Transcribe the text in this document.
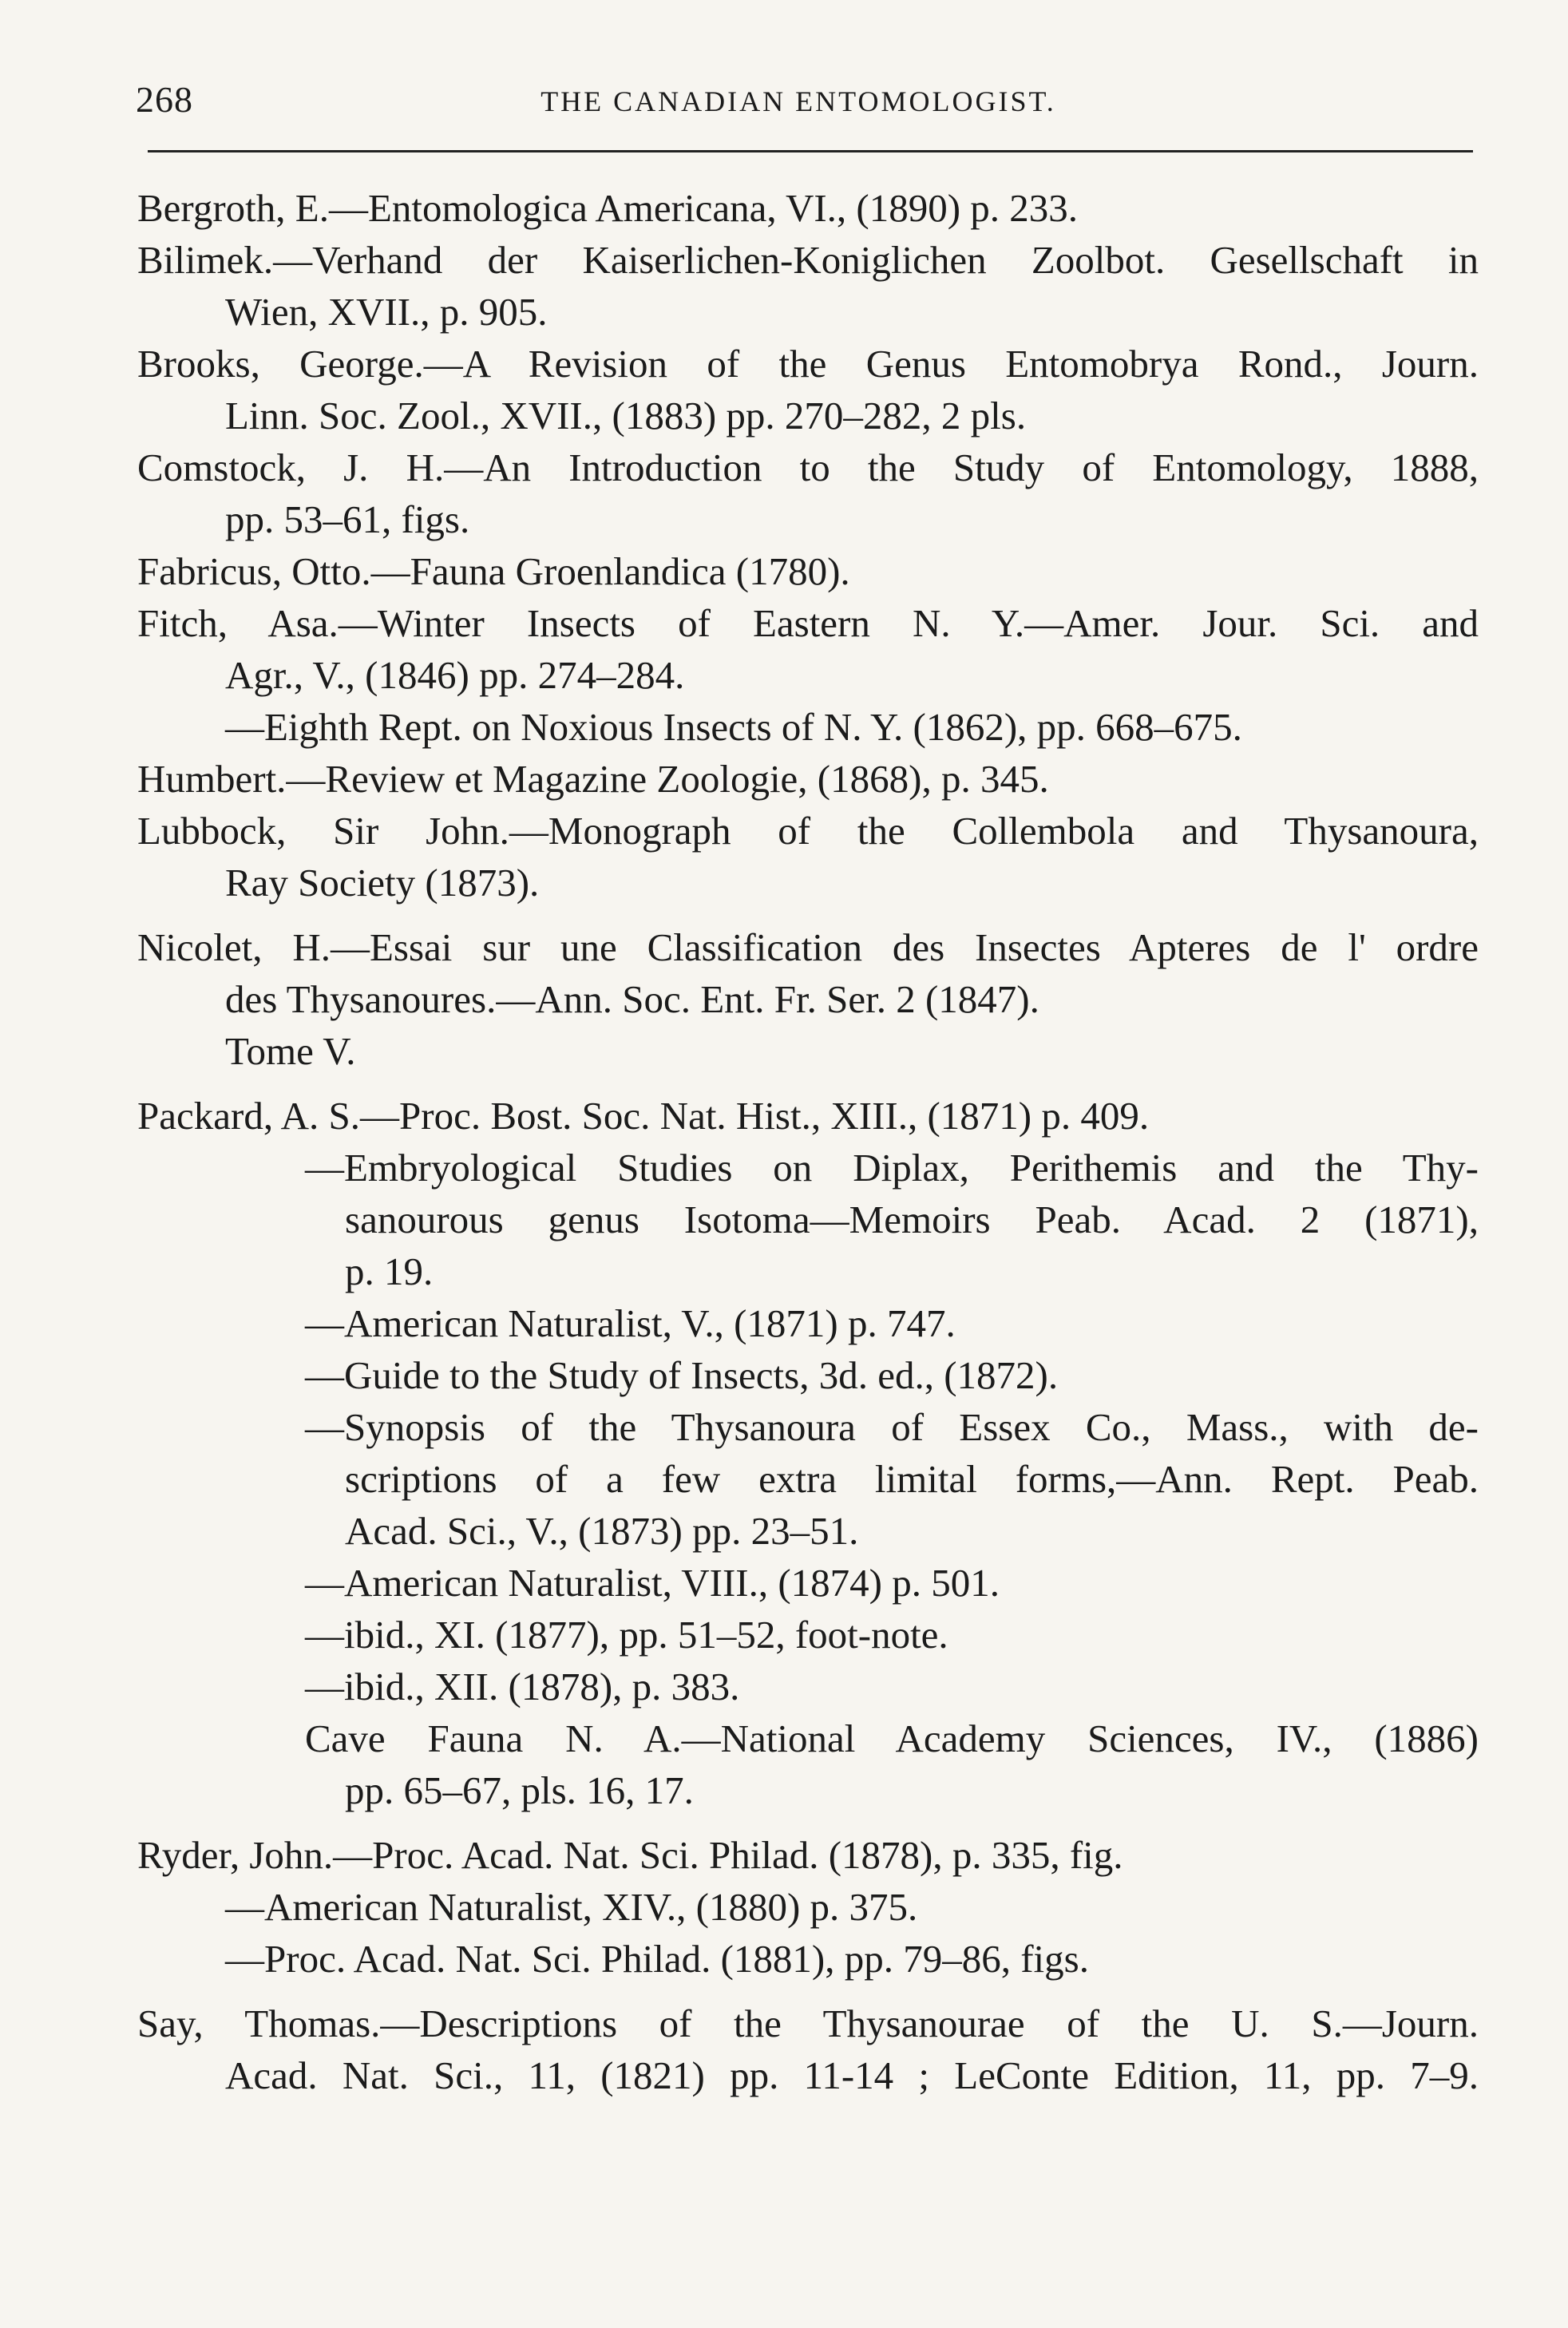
268	THE CANADIAN ENTOMOLOGIST.
Bergroth, E.—Entomologica Americana, VI., (1890) p. 233.
Bilimek.—Verhand der Kaiserlichen-Koniglichen Zoolbot. Gesellschaft in
Wien, XVII., p. 905.
Brooks, George.—A Revision of the Genus Entomobrya Rond., Journ.
Linn. Soc. Zool., XVII., (1883) pp. 270–282, 2 pls.
Comstock, J. H.—An Introduction to the Study of Entomology, 1888,
pp. 53–61, figs.
Fabricus, Otto.—Fauna Groenlandica (1780).
Fitch, Asa.—Winter Insects of Eastern N. Y.—Amer. Jour. Sci. and
Agr., V., (1846) pp. 274–284.
—Eighth Rept. on Noxious Insects of N. Y. (1862), pp. 668–675.
Humbert.—Review et Magazine Zoologie, (1868), p. 345.
Lubbock, Sir John.—Monograph of the Collembola and Thysanoura,
Ray Society (1873).
Nicolet, H.—Essai sur une Classification des Insectes Apteres de l' ordre
des Thysanoures.—Ann. Soc. Ent. Fr. Ser. 2 (1847).
Tome V.
Packard, A. S.—Proc. Bost. Soc. Nat. Hist., XIII., (1871) p. 409.
—Embryological Studies on Diplax, Perithemis and the Thy-
sanourous genus Isotoma—Memoirs Peab. Acad. 2 (1871),
p. 19.
—American Naturalist, V., (1871) p. 747.
—Guide to the Study of Insects, 3d. ed., (1872).
—Synopsis of the Thysanoura of Essex Co., Mass., with de-
scriptions of a few extra limital forms,—Ann. Rept. Peab.
Acad. Sci., V., (1873) pp. 23–51.
—American Naturalist, VIII., (1874) p. 501.
—ibid., XI. (1877), pp. 51–52, foot-note.
—ibid., XII. (1878), p. 383.
Cave Fauna N. A.—National Academy Sciences, IV., (1886)
pp. 65–67, pls. 16, 17.
Ryder, John.—Proc. Acad. Nat. Sci. Philad. (1878), p. 335, fig.
—American Naturalist, XIV., (1880) p. 375.
—Proc. Acad. Nat. Sci. Philad. (1881), pp. 79–86, figs.
Say, Thomas.—Descriptions of the Thysanourae of the U. S.—Journ.
Acad. Nat. Sci., 11, (1821) pp. 11-14 ; LeConte Edition, 11, pp. 7–9.
